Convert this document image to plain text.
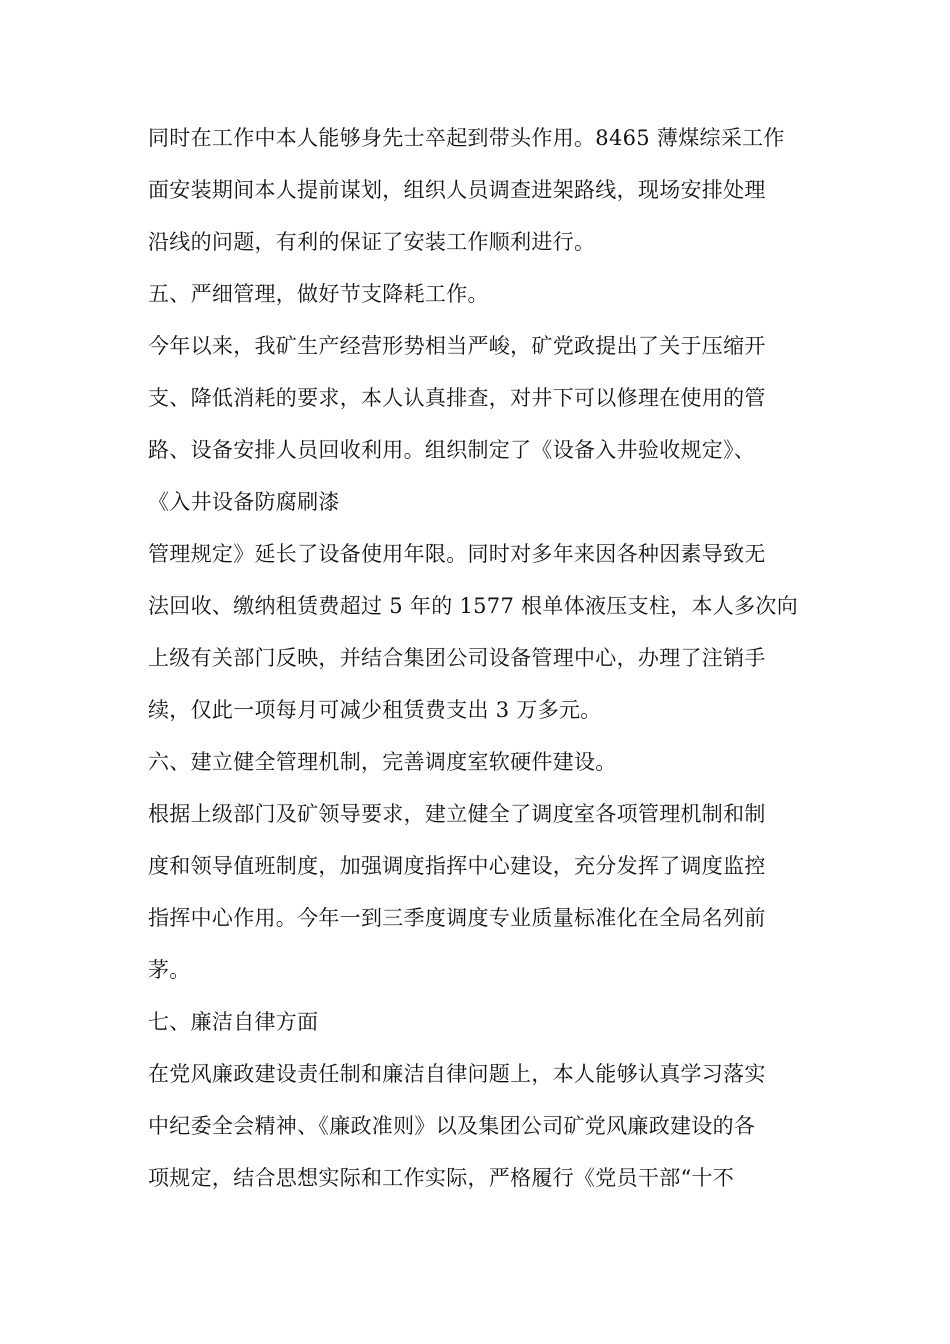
同时在工作中本人能够身先士卒起到带头作用。8465 薄煤综采工作
面安装期间本人提前谋划，组织人员调查进架路线，现场安排处理
沿线的问题，有利的保证了安装工作顺利进行。
五、严细管理，做好节支降耗工作。
今年以来，我矿生产经营形势相当严峻，矿党政提出了关于压缩开
支、降低消耗的要求，本人认真排查，对井下可以修理在使用的管
路、设备安排人员回收利用。组织制定了《设备入井验收规定》、
《入井设备防腐刷漆
管理规定》延长了设备使用年限。同时对多年来因各种因素导致无
法回收、缴纳租赁费超过 5 年的 1577 根单体液压支柱，本人多次向
上级有关部门反映，并结合集团公司设备管理中心，办理了注销手
续，仅此一项每月可减少租赁费支出 3 万多元。
六、建立健全管理机制，完善调度室软硬件建设。
根据上级部门及矿领导要求，建立健全了调度室各项管理机制和制
度和领导值班制度，加强调度指挥中心建设，充分发挥了调度监控
指挥中心作用。今年一到三季度调度专业质量标准化在全局名列前
茅。
七、廉洁自律方面
在党风廉政建设责任制和廉洁自律问题上，本人能够认真学习落实
中纪委全会精神、《廉政准则》以及集团公司矿党风廉政建设的各
项规定，结合思想实际和工作实际，严格履行《党员干部“十不
